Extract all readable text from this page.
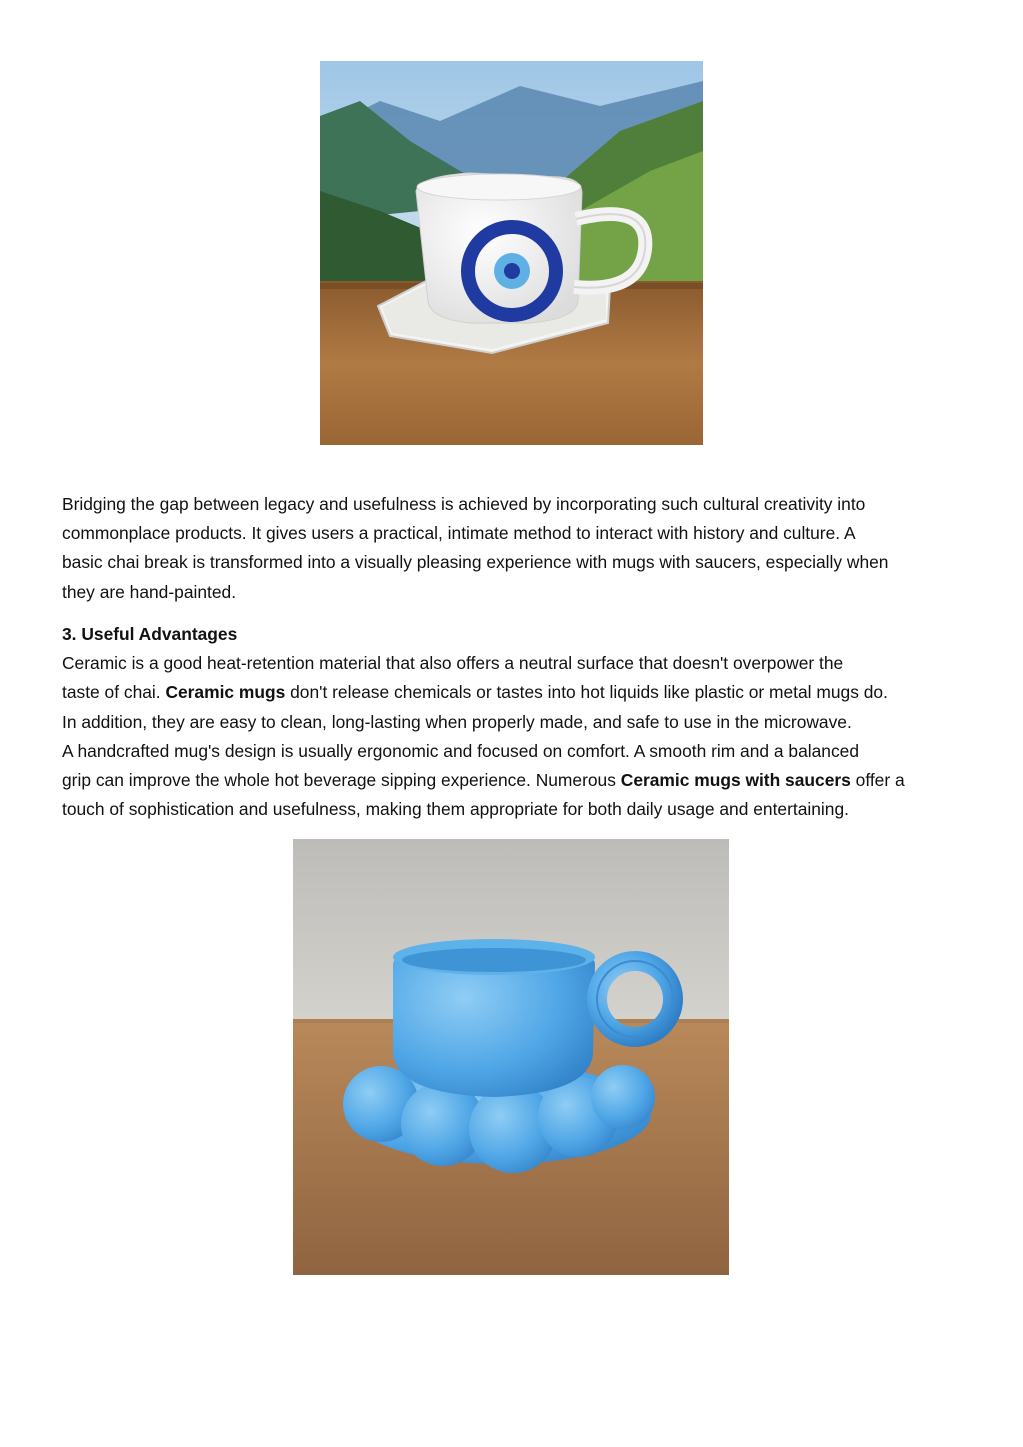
Bridging the gap between legacy and usefulness is achieved by incorporating such cultural creativity into

commonplace products. It gives users a practical, intimate method to interact with history and culture. A

basic chai break is transformed into a visually pleasing experience with mugs with saucers, especially when

they are hand-painted.

3. Useful Advantages

Ceramic is a good heat-retention material that also offers a neutral surface that doesn't overpower the

taste of chai. Ceramic mugs don't release chemicals or tastes into hot liquids like plastic or metal mugs do.

In addition, they are easy to clean, long-lasting when properly made, and safe to use in the microwave.

A handcrafted mug's design is usually ergonomic and focused on comfort. A smooth rim and a balanced

grip can improve the whole hot beverage sipping experience. Numerous Ceramic mugs with saucers offer a

touch of sophistication and usefulness, making them appropriate for both daily usage and entertaining.
